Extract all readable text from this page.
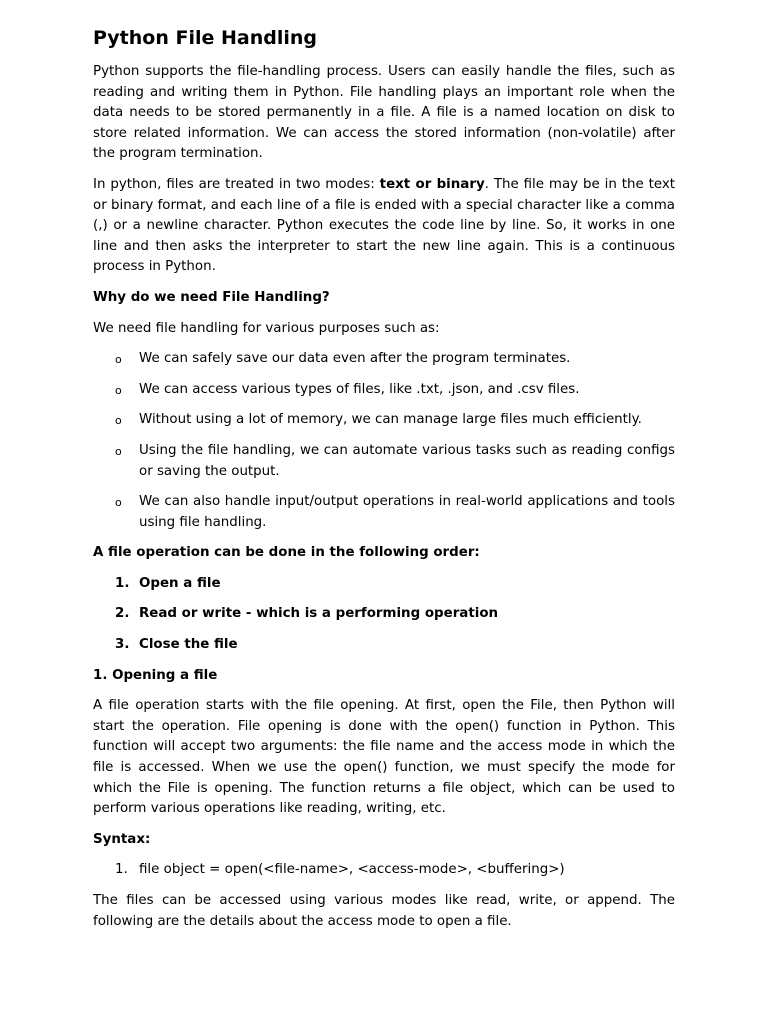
Python File Handling

Python supports the file-handling process. Users can easily handle the files, such as reading and writing them in Python. File handling plays an important role when the data needs to be stored permanently in a file. A file is a named location on disk to store related information. We can access the stored information (non-volatile) after the program termination.

In python, files are treated in two modes: text or binary. The file may be in the text or binary format, and each line of a file is ended with a special character like a comma (,) or a newline character. Python executes the code line by line. So, it works in one line and then asks the interpreter to start the new line again. This is a continuous process in Python.

Why do we need File Handling?

We need file handling for various purposes such as:

o We can safely save our data even after the program terminates.
o We can access various types of files, like .txt, .json, and .csv files.
o Without using a lot of memory, we can manage large files much efficiently.
o Using the file handling, we can automate various tasks such as reading configs or saving the output.
o We can also handle input/output operations in real-world applications and tools using file handling.

A file operation can be done in the following order:

1. Open a file
2. Read or write - which is a performing operation
3. Close the file

1. Opening a file

A file operation starts with the file opening. At first, open the File, then Python will start the operation. File opening is done with the open() function in Python. This function will accept two arguments: the file name and the access mode in which the file is accessed. When we use the open() function, we must specify the mode for which the File is opening. The function returns a file object, which can be used to perform various operations like reading, writing, etc.

Syntax:

1. file object = open(<file-name>, <access-mode>, <buffering>)

The files can be accessed using various modes like read, write, or append. The following are the details about the access mode to open a file.
